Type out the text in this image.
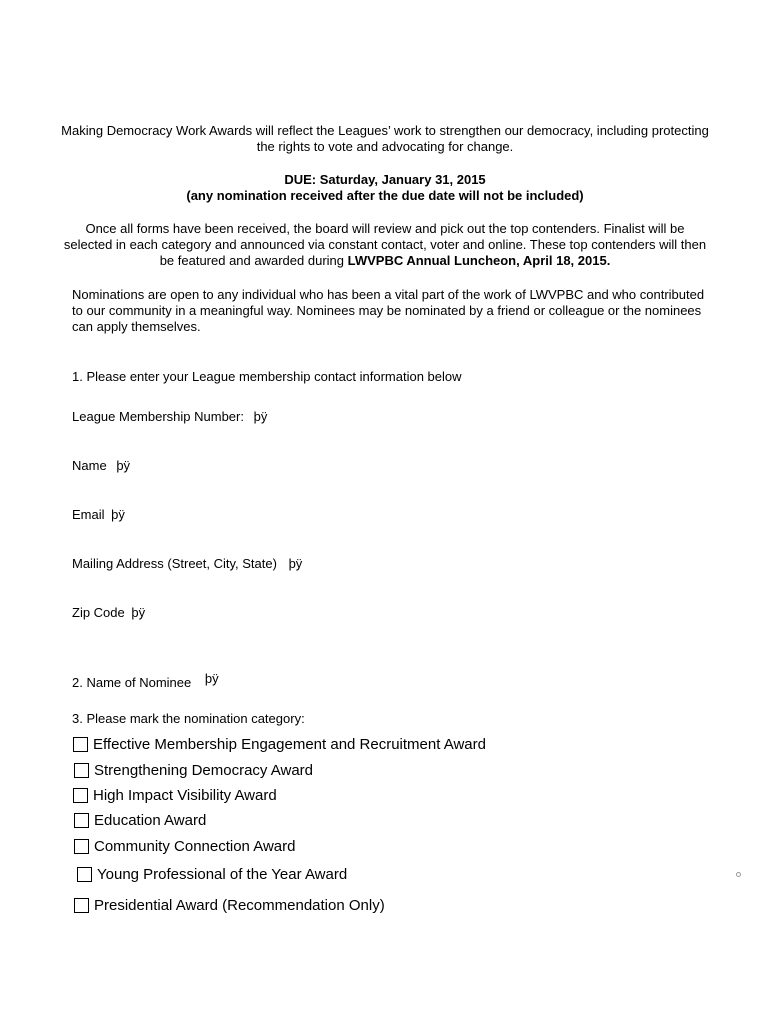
Making Democracy Work Awards will reflect the Leagues’ work to strengthen our democracy, including protecting the rights to vote and advocating for change.
DUE: Saturday, January 31, 2015
(any nomination received after the due date will not be included)
Once all forms have been received, the board will review and pick out the top contenders. Finalist will be selected in each category and announced via constant contact, voter and online. These top contenders will then be featured and awarded during LWVPBC Annual Luncheon, April 18, 2015.
Nominations are open to any individual who has been a vital part of the work of LWVPBC and who contributed to our community in a meaningful way. Nominees may be nominated by a friend or colleague or the nominees can apply themselves.
1. Please enter your League membership contact information below
League Membership Number: þÿ
Name þÿ
Email þÿ
Mailing Address (Street, City, State) þÿ
Zip Code þÿ
2. Name of Nominee þÿ
3. Please mark the nomination category:
Effective Membership Engagement and Recruitment Award
Strengthening Democracy Award
High Impact Visibility Award
Education Award
Community Connection Award
Young Professional of the Year Award
Presidential Award (Recommendation Only)
